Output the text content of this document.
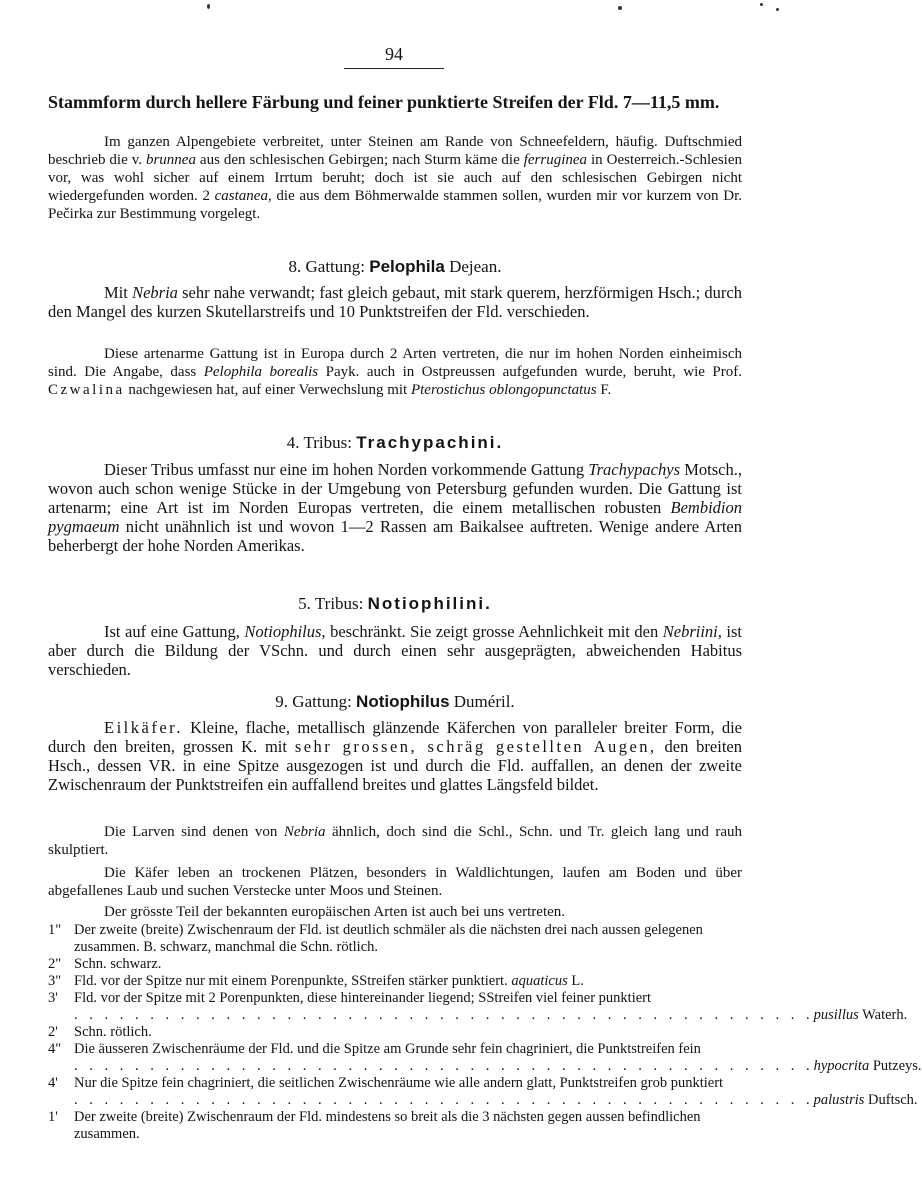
94
Stammform durch hellere Färbung und feiner punktierte Streifen der Fld. 7—11,5 mm.
Im ganzen Alpengebiete verbreitet, unter Steinen am Rande von Schneefeldern, häufig. Duftschmied beschrieb die v. brunnea aus den schlesischen Gebirgen; nach Sturm käme die ferruginea in Oesterreich.-Schlesien vor, was wohl sicher auf einem Irrtum beruht; doch ist sie auch auf den schlesischen Gebirgen nicht wiedergefunden worden. 2 castanea, die aus dem Böhmerwalde stammen sollen, wurden mir vor kurzem von Dr. Pečirka zur Bestimmung vorgelegt.
8. Gattung: Pelophila Dejean.
Mit Nebria sehr nahe verwandt; fast gleich gebaut, mit stark querem, herzförmigen Hsch.; durch den Mangel des kurzen Skutellarstreifs und 10 Punktstreifen der Fld. verschieden.
Diese artenarme Gattung ist in Europa durch 2 Arten vertreten, die nur im hohen Norden einheimisch sind. Die Angabe, dass Pelophila borealis Payk. auch in Ostpreussen aufgefunden wurde, beruht, wie Prof. Czwalina nachgewiesen hat, auf einer Verwechslung mit Pterostichus oblongopunctatus F.
4. Tribus: Trachypachini.
Dieser Tribus umfasst nur eine im hohen Norden vorkommende Gattung Trachypachys Motsch., wovon auch schon wenige Stücke in der Umgebung von Petersburg gefunden wurden. Die Gattung ist artenarm; eine Art ist im Norden Europas vertreten, die einem metallischen robusten Bembidion pygmaeum nicht unähnlich ist und wovon 1—2 Rassen am Baikalsee auftreten. Wenige andere Arten beherbergt der hohe Norden Amerikas.
5. Tribus: Notiophilini.
Ist auf eine Gattung, Notiophilus, beschränkt. Sie zeigt grosse Aehnlichkeit mit den Nebriini, ist aber durch die Bildung der VSchn. und durch einen sehr ausgeprägten, abweichenden Habitus verschieden.
9. Gattung: Notiophilus Duméril.
Eilkäfer. Kleine, flache, metallisch glänzende Käferchen von paralleler breiter Form, die durch den breiten, grossen K. mit sehr grossen, schräg gestellten Augen, den breiten Hsch., dessen VR. in eine Spitze ausgezogen ist und durch die Fld. auffallen, an denen der zweite Zwischenraum der Punktstreifen ein auffallend breites und glattes Längsfeld bildet.
Die Larven sind denen von Nebria ähnlich, doch sind die Schl., Schn. und Tr. gleich lang und rauh skulptiert.
Die Käfer leben an trockenen Plätzen, besonders in Waldlichtungen, laufen am Boden und über abgefallenes Laub und suchen Verstecke unter Moos und Steinen.
Der grösste Teil der bekannten europäischen Arten ist auch bei uns vertreten.
1" Der zweite (breite) Zwischenraum der Fld. ist deutlich schmäler als die nächsten drei nach aussen gelegenen zusammen. B. schwarz, manchmal die Schn. rötlich.
2" Schn. schwarz.
3" Fld. vor der Spitze nur mit einem Porenpunkte, SStreifen stärker punktiert. aquaticus L.
3'	Fld. vor der Spitze mit 2 Porenpunkten, diese hintereinander liegend; SStreifen viel feiner punktiert
. . . . . . . . . . . . . . . . . . . . . . . . . . . . . . . . . . . . . . . . . . . . . . . . . pusillus Waterh.
2'	Schn. rötlich.
4" Die äusseren Zwischenräume der Fld. und die Spitze am Grunde sehr fein chagriniert, die Punktstreifen fein
. . . . . . . . . . . . . . . . . . . . . . . . . . . . . . . . . . . . . . . . . . . . . . . . . hypocrita Putzeys.
4'	Nur die Spitze fein chagriniert, die seitlichen Zwischenräume wie alle andern glatt, Punktstreifen grob punktiert
. . . . . . . . . . . . . . . . . . . . . . . . . . . . . . . . . . . . . . . . . . . . . . . . . palustris Duftsch.
1'	Der zweite (breite) Zwischenraum der Fld. mindestens so breit als die 3 nächsten gegen aussen befindlichen zusammen.
